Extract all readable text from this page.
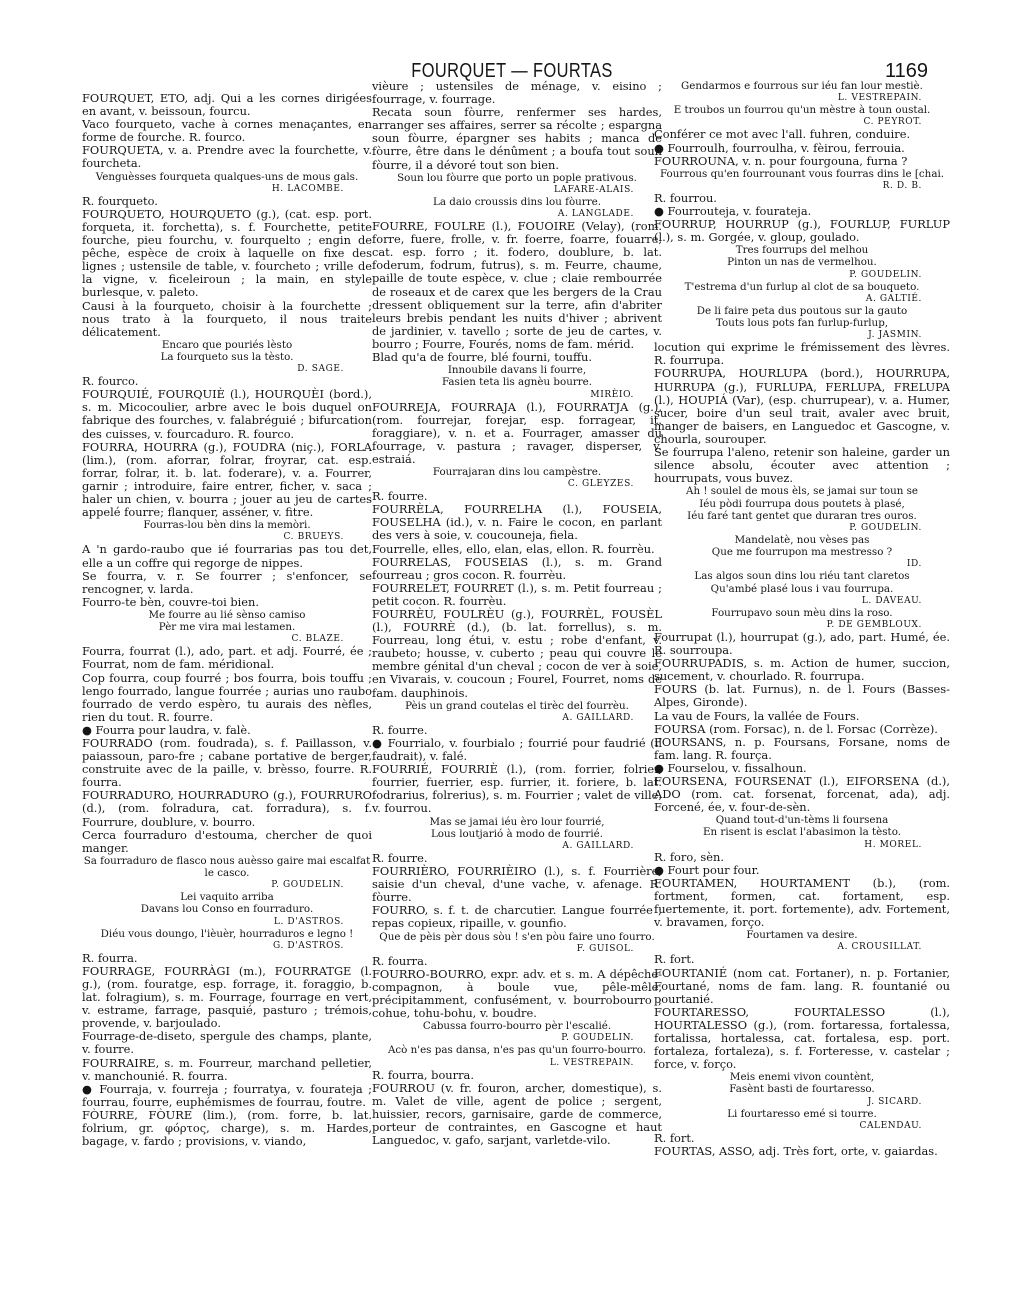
FOURQUET — FOURTAS	1169

FOURQUET, ETO, adj. Qui a les cornes dirigées en avant, v. beissoun, fourcu.

Vaco fourqueto, vache à cornes menaçantes, en forme de fourche. R. fourco.

FOURQUETA, v. a. Prendre avec la fourchette, v. fourcheta.

Venguèsses fourqueta qualques-uns de mous gals.

H. LACOMBE.

R. fourqueto.

FOURQUETO, HOURQUETO (g.), (cat. esp. port. forqueta, it. forchetta), s. f. Fourchette, petite fourche, pieu fourchu, v. fourquelto ; engin de pêche, espèce de croix à laquelle on fixe des lignes ; ustensile de table, v. fourcheto ; vrille de la vigne, v. ficeleiroun ; la main, en style burlesque, v. paleto.

Causi à la fourqueto, choisir à la fourchette ; nous trato à la fourqueto, il nous traite délicatement.

Encaro que pouriés lèsto

La fourqueto sus la tèsto.

D. SAGE.

R. fourco.

FOURQUIÉ, FOURQUIÈ (l.), HOURQUÈI (bord.), s. m. Micocoulier, arbre avec le bois duquel on fabrique des fourches, v. falabréguié ; bifurcation des cuisses, v. fourcaduro. R. fourco.

FOURRA, HOURRA (g.), FOUDRA (niç.), FORLA (lim.), (rom. aforrar, folrar, froyrar, cat. esp. forrar, folrar, it. b. lat. foderare), v. a. Fourrer, garnir ; introduire, faire entrer, ficher, v. saca ; haler un chien, v. bourra ; jouer au jeu de cartes appelé fourre; flanquer, asséner, v. fitre.

Fourras-lou bèn dins la memòri.

C. BRUEYS.

A 'n gardo-raubo que ié fourrarias pas tou det, elle a un coffre qui regorge de nippes.

Se fourra, v. r. Se fourrer ; s'enfoncer, se rencogner, v. larda.

Fourro-te bèn, couvre-toi bien.

Me fourre au lié sènso camiso

Pèr me vira mai lestamen.

C. BLAZE.

Fourra, fourrat (l.), ado, part. et adj. Fourré, ée ; Fourrat, nom de fam. méridional.

Cop fourra, coup fourré ; bos fourra, bois touffu ; lengo fourrado, langue fourrée ; aurias uno raubo fourrado de verdo espèro, tu aurais des nèfles, rien du tout. R. fourre.

● Fourra pour laudra, v. falè.

FOURRADO (rom. foudrada), s. f. Paillasson, v. paiassoun, paro-fre ; cabane portative de berger, construite avec de la paille, v. brèsso, fourre. R. fourra.

FOURRADURO, HOURRADURO (g.), FOURRURO (d.), (rom. folradura, cat. forradura), s. f. Fourrure, doublure, v. bourro.

Cerca fourraduro d'estouma, chercher de quoi manger.

Sa fourraduro de flasco nous auèsso gaire mai escalfat le casco.

P. GOUDELIN.

Lei vaquito arriba

Davans lou Conso en fourraduro.

L. D'ASTROS.

Diéu vous doungo, l'ièuèr, hourraduros e legno !

G. D'ASTROS.

R. fourra.

FOURRAGE, FOURRÀGI (m.), FOURRATGE (l. g.), (rom. fouratge, esp. forrage, it. foraggio, b. lat. folragium), s. m. Fourrage, fourrage en vert, v. estrame, farrage, pasquié, pasturo ; trémois, provende, v. barjoulado.

Fourrage-de-diseto, spergule des champs, plante, v. fourre.

FOURRAIRE, s. m. Fourreur, marchand pelletier, v. manchounié. R. fourra.

● Fourraja, v. fourreja ; fourratya, v. fourateja ; fourrau, fourre, euphémismes de fourrau, foutre.

FÒURRE, FÒURE (lim.), (rom. forre, b. lat. folrium, gr. φόρτος, charge), s. m. Hardes, bagage, v. fardo ; provisions, v. viando,

vièure ; ustensiles de ménage, v. eisino ; fourrage, v. fourrage.

Recata soun fòurre, renfermer ses hardes, arranger ses affaires, serrer sa récolte ; espargna soun fòurre, épargner ses habits ; manca de fòurre, être dans le dénûment ; a boufa tout soun fòurre, il a dévoré tout son bien.

Soun lou fòurre que porto un pople prativous.

LAFARE-ALAIS.

La daio croussis dins lou fòurre.

A. LANGLADE.

FOURRE, FOULRE (l.), FOUOIRE (Velay), (rom. forre, fuere, frolle, v. fr. foerre, foarre, fouarre, cat. esp. forro ; it. fodero, doublure, b. lat. foderum, fodrum, futrus), s. m. Feurre, chaume, paille de toute espèce, v. clue ; claie rembourrée de roseaux et de carex que les bergers de la Crau dressent obliquement sur la terre, afin d'abriter leurs brebis pendant les nuits d'hiver ; abrivent de jardinier, v. tavello ; sorte de jeu de cartes, v. bourro ; Fourre, Fourés, noms de fam. mérid.

Blad qu'a de fourre, blé fourni, touffu.

Innoubile davans li fourre,

Fasien teta lis agnèu bourre.

MIRÈIO.

FOURREJA, FOURRAJA (l.), FOURRATJA (g.), (rom. fourrejar, forejar, esp. forragear, it. foraggiare), v. n. et a. Fourrager, amasser du fourrage, v. pastura ; ravager, disperser, v. estraiá.

Fourrajaran dins lou campèstre.

C. GLEYZES.

R. fourre.

FOURRÈLA, FOURRELHA (l.), FOUSEIA, FOUSELHA (id.), v. n. Faire le cocon, en parlant des vers à soie, v. coucouneja, fiela.

Fourrelle, elles, ello, elan, elas, ellon. R. fourrèu.

FOURRELAS, FOUSEIAS (l.), s. m. Grand fourreau ; gros cocon. R. fourrèu.

FOURRELET, FOURRET (l.), s. m. Petit fourreau ; petit cocon. R. fourrèu.

FOURRÈU, FOULRÈU (g.), FOURRÈL, FOUSÈL (l.), FOURRÈ (d.), (b. lat. forrellus), s. m. Fourreau, long étui, v. estu ; robe d'enfant, v. raubeto; housse, v. cuberto ; peau qui couvre le membre génital d'un cheval ; cocon de ver à soie, en Vivarais, v. coucoun ; Fourel, Fourret, noms de fam. dauphinois.

Pèis un grand coutelas el tirèc del fourrèu.

A. GAILLARD.

R. fourre.

● Fourrialo, v. fourbialo ; fourrié pour faudrié (il faudrait), v. falé.

FOURRIÉ, FOURRIÈ (l.), (rom. forrier, folrier, fourrier, fuerrier, esp. furrier, it. foriere, b. lat. fodrarius, folrerius), s. m. Fourrier ; valet de ville, v. fourrou.

Mas se jamai iéu èro lour fourrié,

Lous loutjarió à modo de fourrié.

A. GAILLARD.

R. fourre.

FOURRIÈRO, FOURRIÈIRO (l.), s. f. Fourrière, saisie d'un cheval, d'une vache, v. afenage. R. fòurre.

FOURRO, s. f. t. de charcutier. Langue fourrée ; repas copieux, ripaille, v. gounfio.

Que de pèis pèr dous sòu ! s'en pòu faire uno fourro.

F. GUISOL.

R. fourra.

FOURRO-BOURRO, expr. adv. et s. m. A dépêche-compagnon, à boule vue, pêle-mêle, précipitamment, confusément, v. bourrobourro ; cohue, tohu-bohu, v. boudre.

Cabussa fourro-bourro pèr l'escalié.

P. GOUDELIN.

Acò n'es pas dansa, n'es pas qu'un fourro-bourro.

L. VESTREPAIN.

R. fourra, bourra.

FOURROU (v. fr. fouron, archer, domestique), s. m. Valet de ville, agent de police ; sergent, huissier, recors, garnisaire, garde de commerce, porteur de contraintes, en Gascogne et haut Languedoc, v. gafo, sarjant, varletde-vilo.

Gendarmos e fourrous sur iéu fan lour mestiè.

L. VESTREPAIN.

E troubos un fourrou qu'un mèstre à toun oustal.

C. PEYROT.

Conférer ce mot avec l'all. fuhren, conduire.

● Fourroulh, fourroulha, v. fèirou, ferrouia.

FOURROUNA, v. n. pour fourgouna, furna ?

Fourrous qu'en fourrounant vous fourras dins le [chai.

R. D. B.

R. fourrou.

● Fourrouteja, v. fourateja.

FOURRUP, HOURRUP (g.), FOURLUP, FURLUP (l.), s. m. Gorgée, v. gloup, goulado.

Tres fourrups del melhou

Pinton un nas de vermelhou.

P. GOUDELIN.

T'estrema d'un furlup al clot de sa bouqueto.

A. GALTIÉ.

De li faire peta dus poutous sur la gauto

Touts lous pots fan furlup-furlup,

J. JASMIN.

locution qui exprime le frémissement des lèvres. R. fourrupa.

FOURRUPA, HOURLUPA (bord.), HOURRUPA, HURRUPA (g.), FURLUPA, FERLUPA, FRELUPA (l.), HOUPIÁ (Var), (esp. churrupear), v. a. Humer, sucer, boire d'un seul trait, avaler avec bruit, manger de baisers, en Languedoc et Gascogne, v. chourla, sourouper.

Se fourrupa l'aleno, retenir son haleine, garder un silence absolu, écouter avec attention ; hourrupats, vous buvez.

Ah ! soulel de mous èls, se jamai sur toun se

Iéu pòdi fourrupa dous poutets à plasé,

Iéu faré tant gentet que duraran tres ouros.

P. GOUDELIN.

Mandelatè, nou vèses pas

Que me fourrupon ma mestresso ?

ID.

Las algos soun dins lou riéu tant claretos

Qu'ambé plasé lous i vau fourrupa.

L. DAVEAU.

Fourrupavo soun mèu dins la roso.

P. DE GEMBLOUX.

Fourrupat (l.), hourrupat (g.), ado, part. Humé, ée. R. sourroupa.

FOURRUPADIS, s. m. Action de humer, succion, sucement, v. chourlado. R. fourrupa.

FOURS (b. lat. Furnus), n. de l. Fours (Basses-Alpes, Gironde).

La vau de Fours, la vallée de Fours.

FOURSA (rom. Forsac), n. de l. Forsac (Corrèze).

FOURSANS, n. p. Foursans, Forsane, noms de fam. lang. R. fourça.

● Fourselou, v. fissalhoun.

FOURSENA, FOURSENAT (l.), EIFORSENA (d.), ADO (rom. cat. forsenat, forcenat, ada), adj. Forcené, ée, v. four-de-sèn.

Quand tout-d'un-tèms li foursena

En risent is esclat l'abasimon la tèsto.

H. MOREL.

R. foro, sèn.

● Fourt pour four.

FOURTAMEN, HOURTAMENT (b.), (rom. fortment, formen, cat. fortament, esp. fuertemente, it. port. fortemente), adv. Fortement, v. bravamen, forço.

Fourtamen va desire.

A. CROUSILLAT.

R. fort.

FOURTANIÉ (nom cat. Fortaner), n. p. Fortanier, Fourtané, noms de fam. lang. R. fountanié ou pourtanié.

FOURTARESSO, FOURTALESSO (l.), HOURTALESSO (g.), (rom. fortaressa, fortalessa, fortalissa, hortalessa, cat. fortalesa, esp. port. fortaleza, fortaleza), s. f. Forteresse, v. castelar ; force, v. forço.

Meis enemi vivon countènt,

Fasènt basti de fourtaresso.

J. SICARD.

Li fourtaresso emé si tourre.

CALENDAU.

R. fort.

FOURTAS, ASSO, adj. Très fort, orte, v. gaiardas.
